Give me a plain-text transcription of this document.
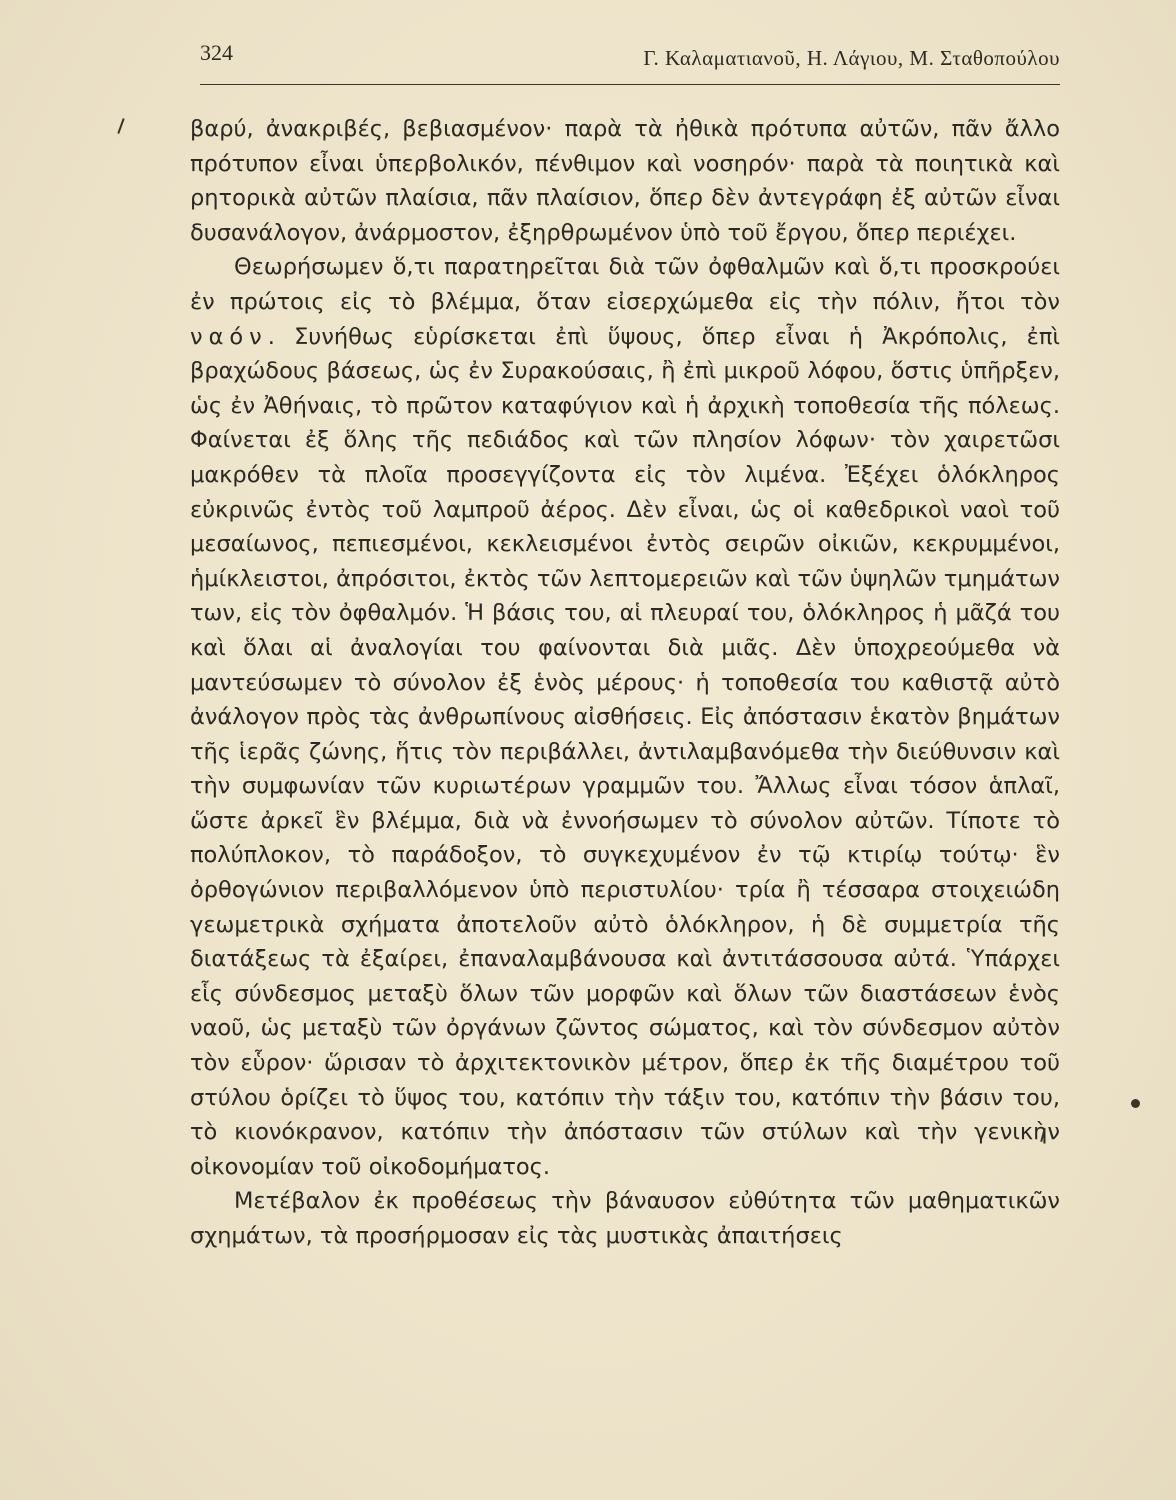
324	Γ. Καλαματιανοῦ, Η. Λάγιου, Μ. Σταθοπούλου

βαρύ, ἀνακριβές, βεβιασμένον· παρὰ τὰ ἠθικὰ πρότυπα αὐτῶν, πᾶν ἄλλο πρότυπον εἶναι ὑπερβολικόν, πένθιμον καὶ νοσηρόν· παρὰ τὰ ποιητικὰ καὶ ρητορικὰ αὐτῶν πλαίσια, πᾶν πλαίσιον, ὅπερ δὲν ἀντεγράφη ἐξ αὐτῶν εἶναι δυσανάλογον, ἀνάρμοστον, ἐξηρθρωμένον ὑπὸ τοῦ ἔργου, ὅπερ περιέχει.

Θεωρήσωμεν ὅ,τι παρατηρεῖται διὰ τῶν ὀφθαλμῶν καὶ ὅ,τι προσκρούει ἐν πρώτοις εἰς τὸ βλέμμα, ὅταν εἰσερχώμεθα εἰς τὴν πόλιν, ἤτοι τὸν ναόν. Συνήθως εὑρίσκεται ἐπὶ ὕψους, ὅπερ εἶναι ἡ Ἀκρόπολις, ἐπὶ βραχώδους βάσεως, ὡς ἐν Συρακούσαις, ἢ ἐπὶ μικροῦ λόφου, ὅστις ὑπῆρξεν, ὡς ἐν Ἀθήναις, τὸ πρῶτον καταφύγιον καὶ ἡ ἀρχικὴ τοποθεσία τῆς πόλεως. Φαίνεται ἐξ ὅλης τῆς πεδιάδος καὶ τῶν πλησίον λόφων· τὸν χαιρετῶσι μακρόθεν τὰ πλοῖα προσεγγίζοντα εἰς τὸν λιμένα. Ἐξέχει ὁλόκληρος εὐκρινῶς ἐντὸς τοῦ λαμπροῦ ἀέρος. Δὲν εἶναι, ὡς οἱ καθεδρικοὶ ναοὶ τοῦ μεσαίωνος, πεπιεσμένοι, κεκλεισμένοι ἐντὸς σειρῶν οἰκιῶν, κεκρυμμένοι, ἡμίκλειστοι, ἀπρόσιτοι, ἐκτὸς τῶν λεπτομερειῶν καὶ τῶν ὑψηλῶν τμημάτων των, εἰς τὸν ὀφθαλμόν. Ἡ βάσις του, αἱ πλευραί του, ὁλόκληρος ἡ μᾶζά του καὶ ὅλαι αἱ ἀναλογίαι του φαίνονται διὰ μιᾶς. Δὲν ὑποχρεούμεθα νὰ μαντεύσωμεν τὸ σύνολον ἐξ ἑνὸς μέρους· ἡ τοποθεσία του καθιστᾷ αὐτὸ ἀνάλογον πρὸς τὰς ἀνθρωπίνους αἰσθήσεις. Εἰς ἀπόστασιν ἑκατὸν βημάτων τῆς ἱερᾶς ζώνης, ἥτις τὸν περιβάλλει, ἀντιλαμβανόμεθα τὴν διεύθυνσιν καὶ τὴν συμφωνίαν τῶν κυριωτέρων γραμμῶν του. Ἄλλως εἶναι τόσον ἁπλαῖ, ὥστε ἀρκεῖ ἓν βλέμμα, διὰ νὰ ἐννοήσωμεν τὸ σύνολον αὐτῶν. Τίποτε τὸ πολύπλοκον, τὸ παράδοξον, τὸ συγκεχυμένον ἐν τῷ κτιρίῳ τούτῳ· ἓν ὀρθογώνιον περιβαλλόμενον ὑπὸ περιστυλίου· τρία ἢ τέσσαρα στοιχειώδη γεωμετρικὰ σχήματα ἀποτελοῦν αὐτὸ ὁλόκληρον, ἡ δὲ συμμετρία τῆς διατάξεως τὰ ἐξαίρει, ἐπαναλαμβάνουσα καὶ ἀντιτάσσουσα αὐτά. Ὑπάρχει εἷς σύνδεσμος μεταξὺ ὅλων τῶν μορφῶν καὶ ὅλων τῶν διαστάσεων ἑνὸς ναοῦ, ὡς μεταξὺ τῶν ὀργάνων ζῶντος σώματος, καὶ τὸν σύνδεσμον αὐτὸν τὸν εὗρον· ὥρισαν τὸ ἀρχιτεκτονικὸν μέτρον, ὅπερ ἐκ τῆς διαμέτρου τοῦ στύλου ὁρίζει τὸ ὕψος του, κατόπιν τὴν τάξιν του, κατόπιν τὴν βάσιν του, τὸ κιονόκρανον, κατόπιν τὴν ἀπόστασιν τῶν στύλων καὶ τὴν γενικὴν οἰκονομίαν τοῦ οἰκοδομήματος.

Μετέβαλον ἐκ προθέσεως τὴν βάναυσον εὐθύτητα τῶν μαθηματικῶν σχημάτων, τὰ προσήρμοσαν εἰς τὰς μυστικὰς ἀπαιτήσεις
